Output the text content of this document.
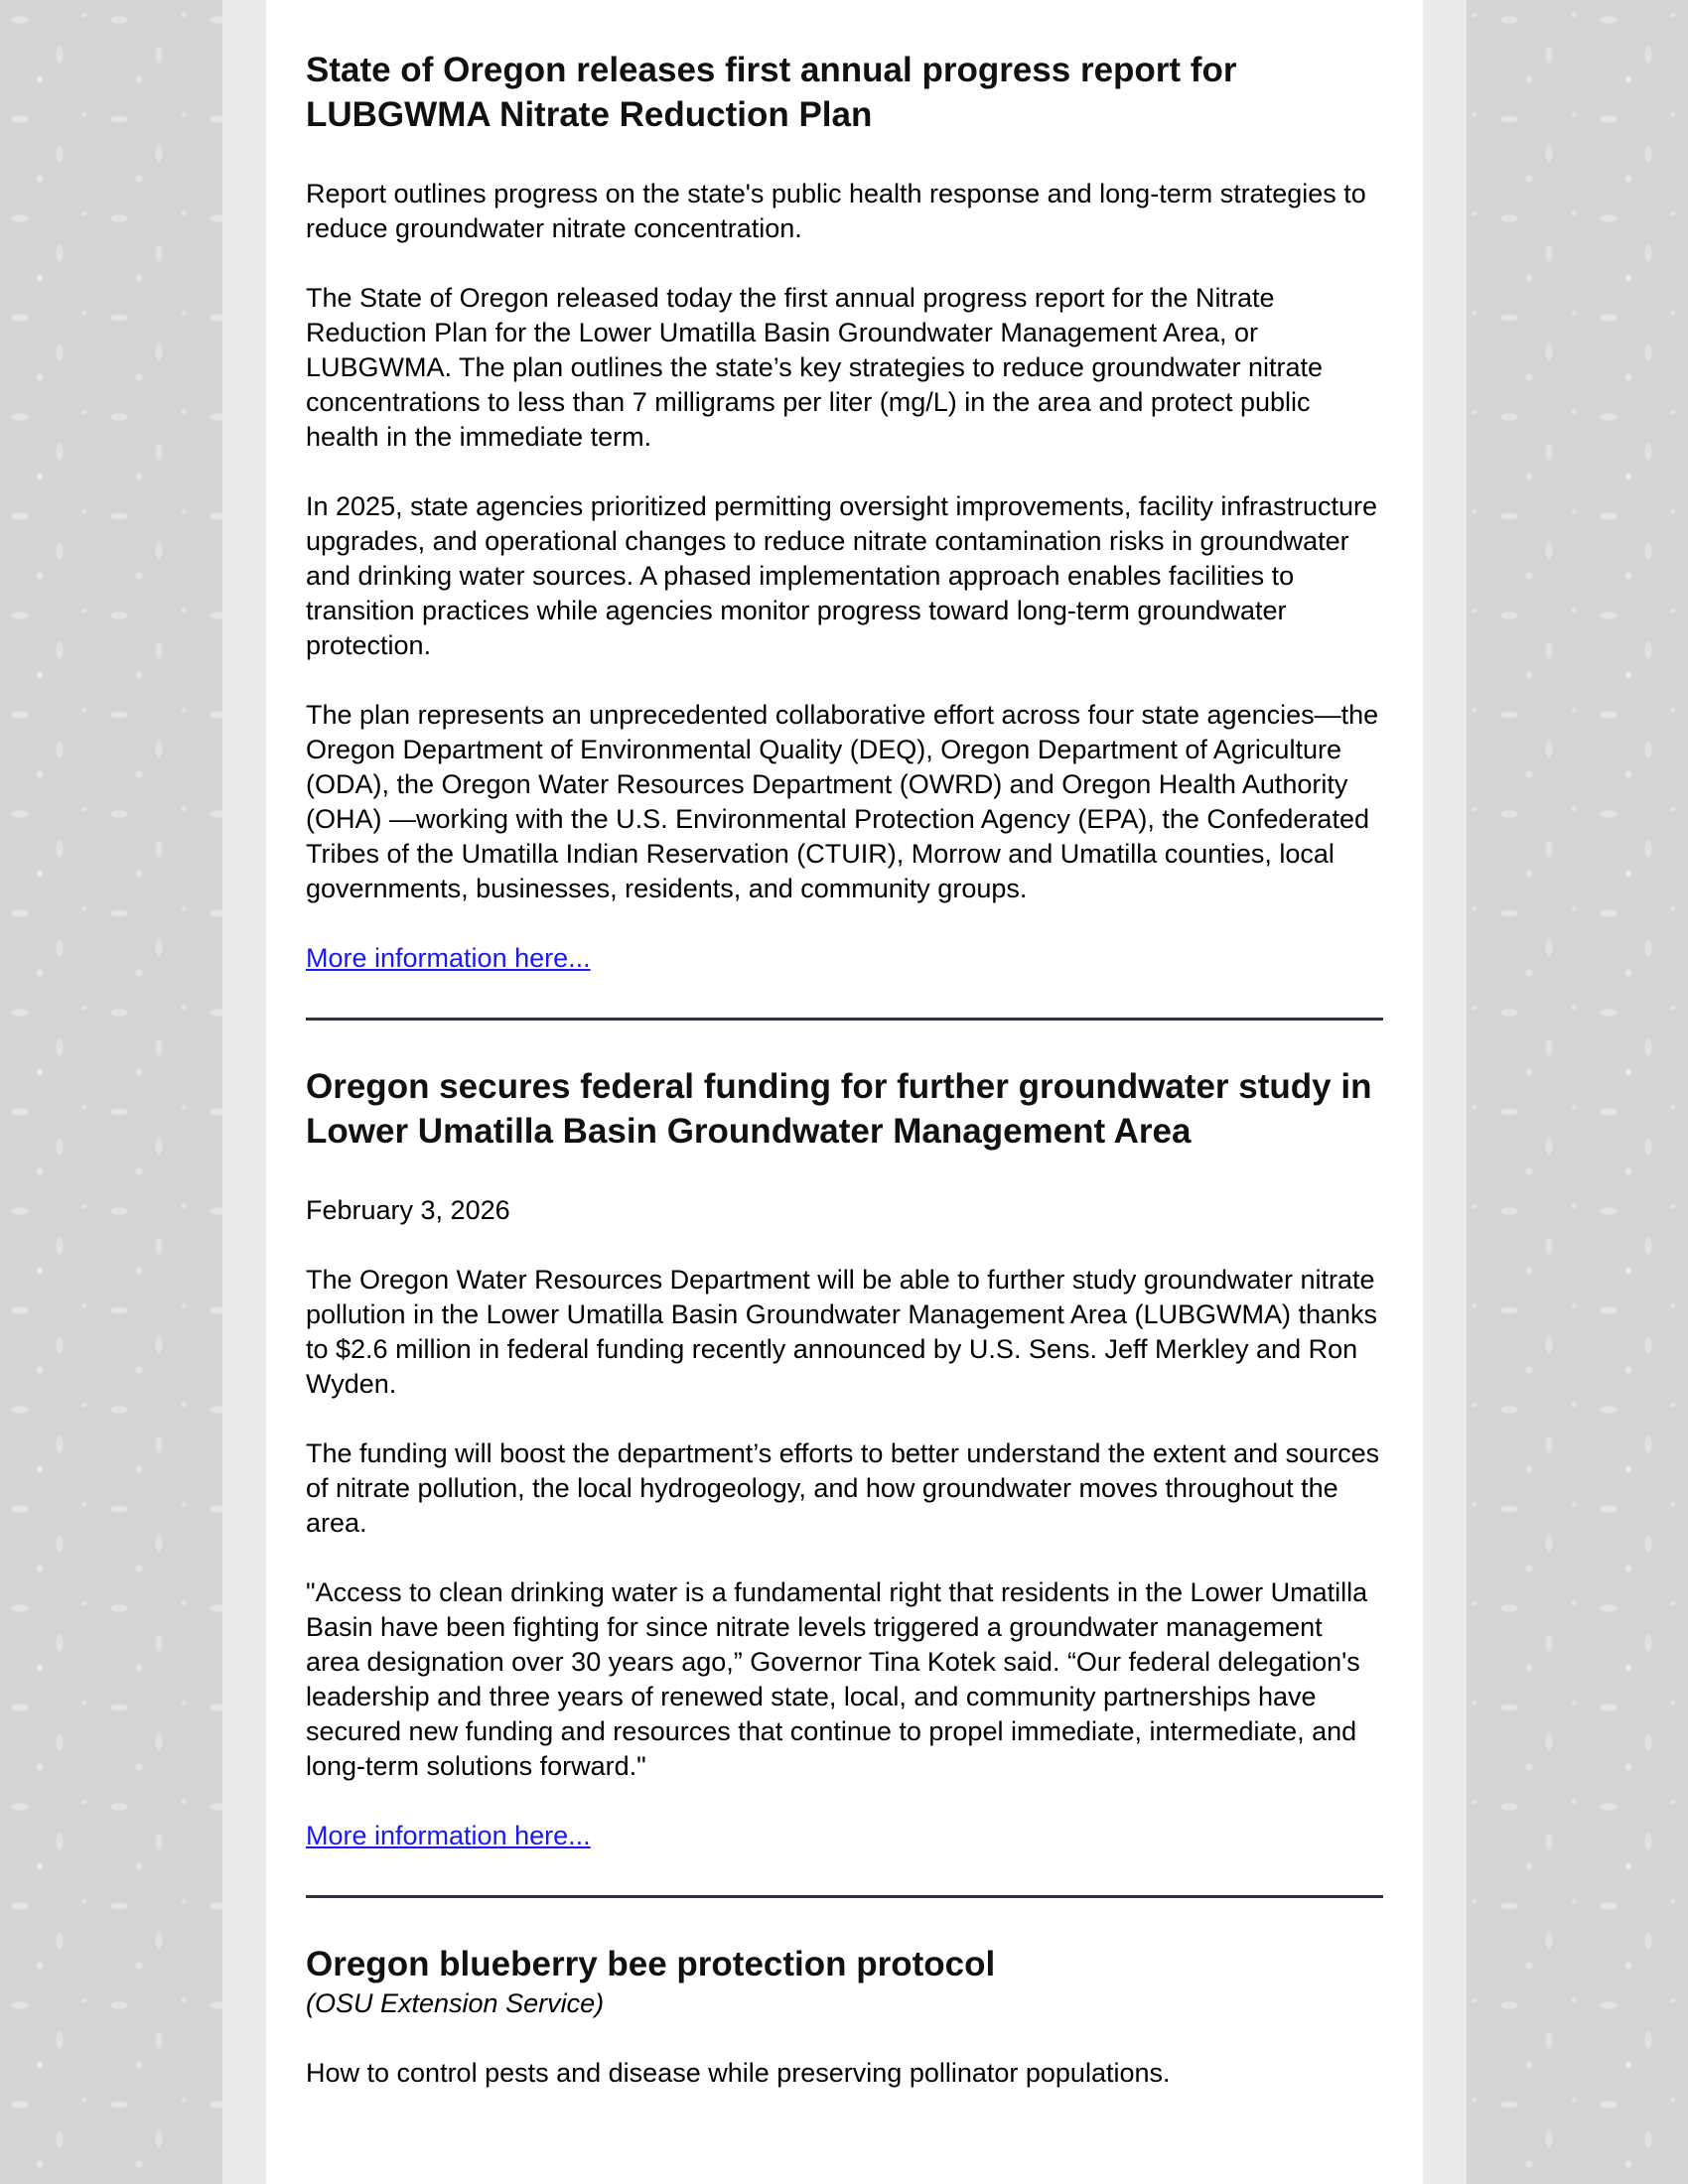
State of Oregon releases first annual progress report for LUBGWMA Nitrate Reduction Plan

Report outlines progress on the state's public health response and long-term strategies to reduce groundwater nitrate concentration.

The State of Oregon released today the first annual progress report for the Nitrate Reduction Plan for the Lower Umatilla Basin Groundwater Management Area, or LUBGWMA. The plan outlines the state’s key strategies to reduce groundwater nitrate concentrations to less than 7 milligrams per liter (mg/L) in the area and protect public health in the immediate term.

In 2025, state agencies prioritized permitting oversight improvements, facility infrastructure upgrades, and operational changes to reduce nitrate contamination risks in groundwater and drinking water sources. A phased implementation approach enables facilities to transition practices while agencies monitor progress toward long-term groundwater protection.

The plan represents an unprecedented collaborative effort across four state agencies—the Oregon Department of Environmental Quality (DEQ), Oregon Department of Agriculture (ODA), the Oregon Water Resources Department (OWRD) and Oregon Health Authority (OHA) —working with the U.S. Environmental Protection Agency (EPA), the Confederated Tribes of the Umatilla Indian Reservation (CTUIR), Morrow and Umatilla counties, local governments, businesses, residents, and community groups.

More information here...
Oregon secures federal funding for further groundwater study in Lower Umatilla Basin Groundwater Management Area

February 3, 2026

The Oregon Water Resources Department will be able to further study groundwater nitrate pollution in the Lower Umatilla Basin Groundwater Management Area (LUBGWMA) thanks to $2.6 million in federal funding recently announced by U.S. Sens. Jeff Merkley and Ron Wyden.

The funding will boost the department’s efforts to better understand the extent and sources of nitrate pollution, the local hydrogeology, and how groundwater moves throughout the area.

"Access to clean drinking water is a fundamental right that residents in the Lower Umatilla Basin have been fighting for since nitrate levels triggered a groundwater management area designation over 30 years ago,” Governor Tina Kotek said. “Our federal delegation's leadership and three years of renewed state, local, and community partnerships have secured new funding and resources that continue to propel immediate, intermediate, and long-term solutions forward."

More information here...
Oregon blueberry bee protection protocol
(OSU Extension Service)

How to control pests and disease while preserving pollinator populations.
